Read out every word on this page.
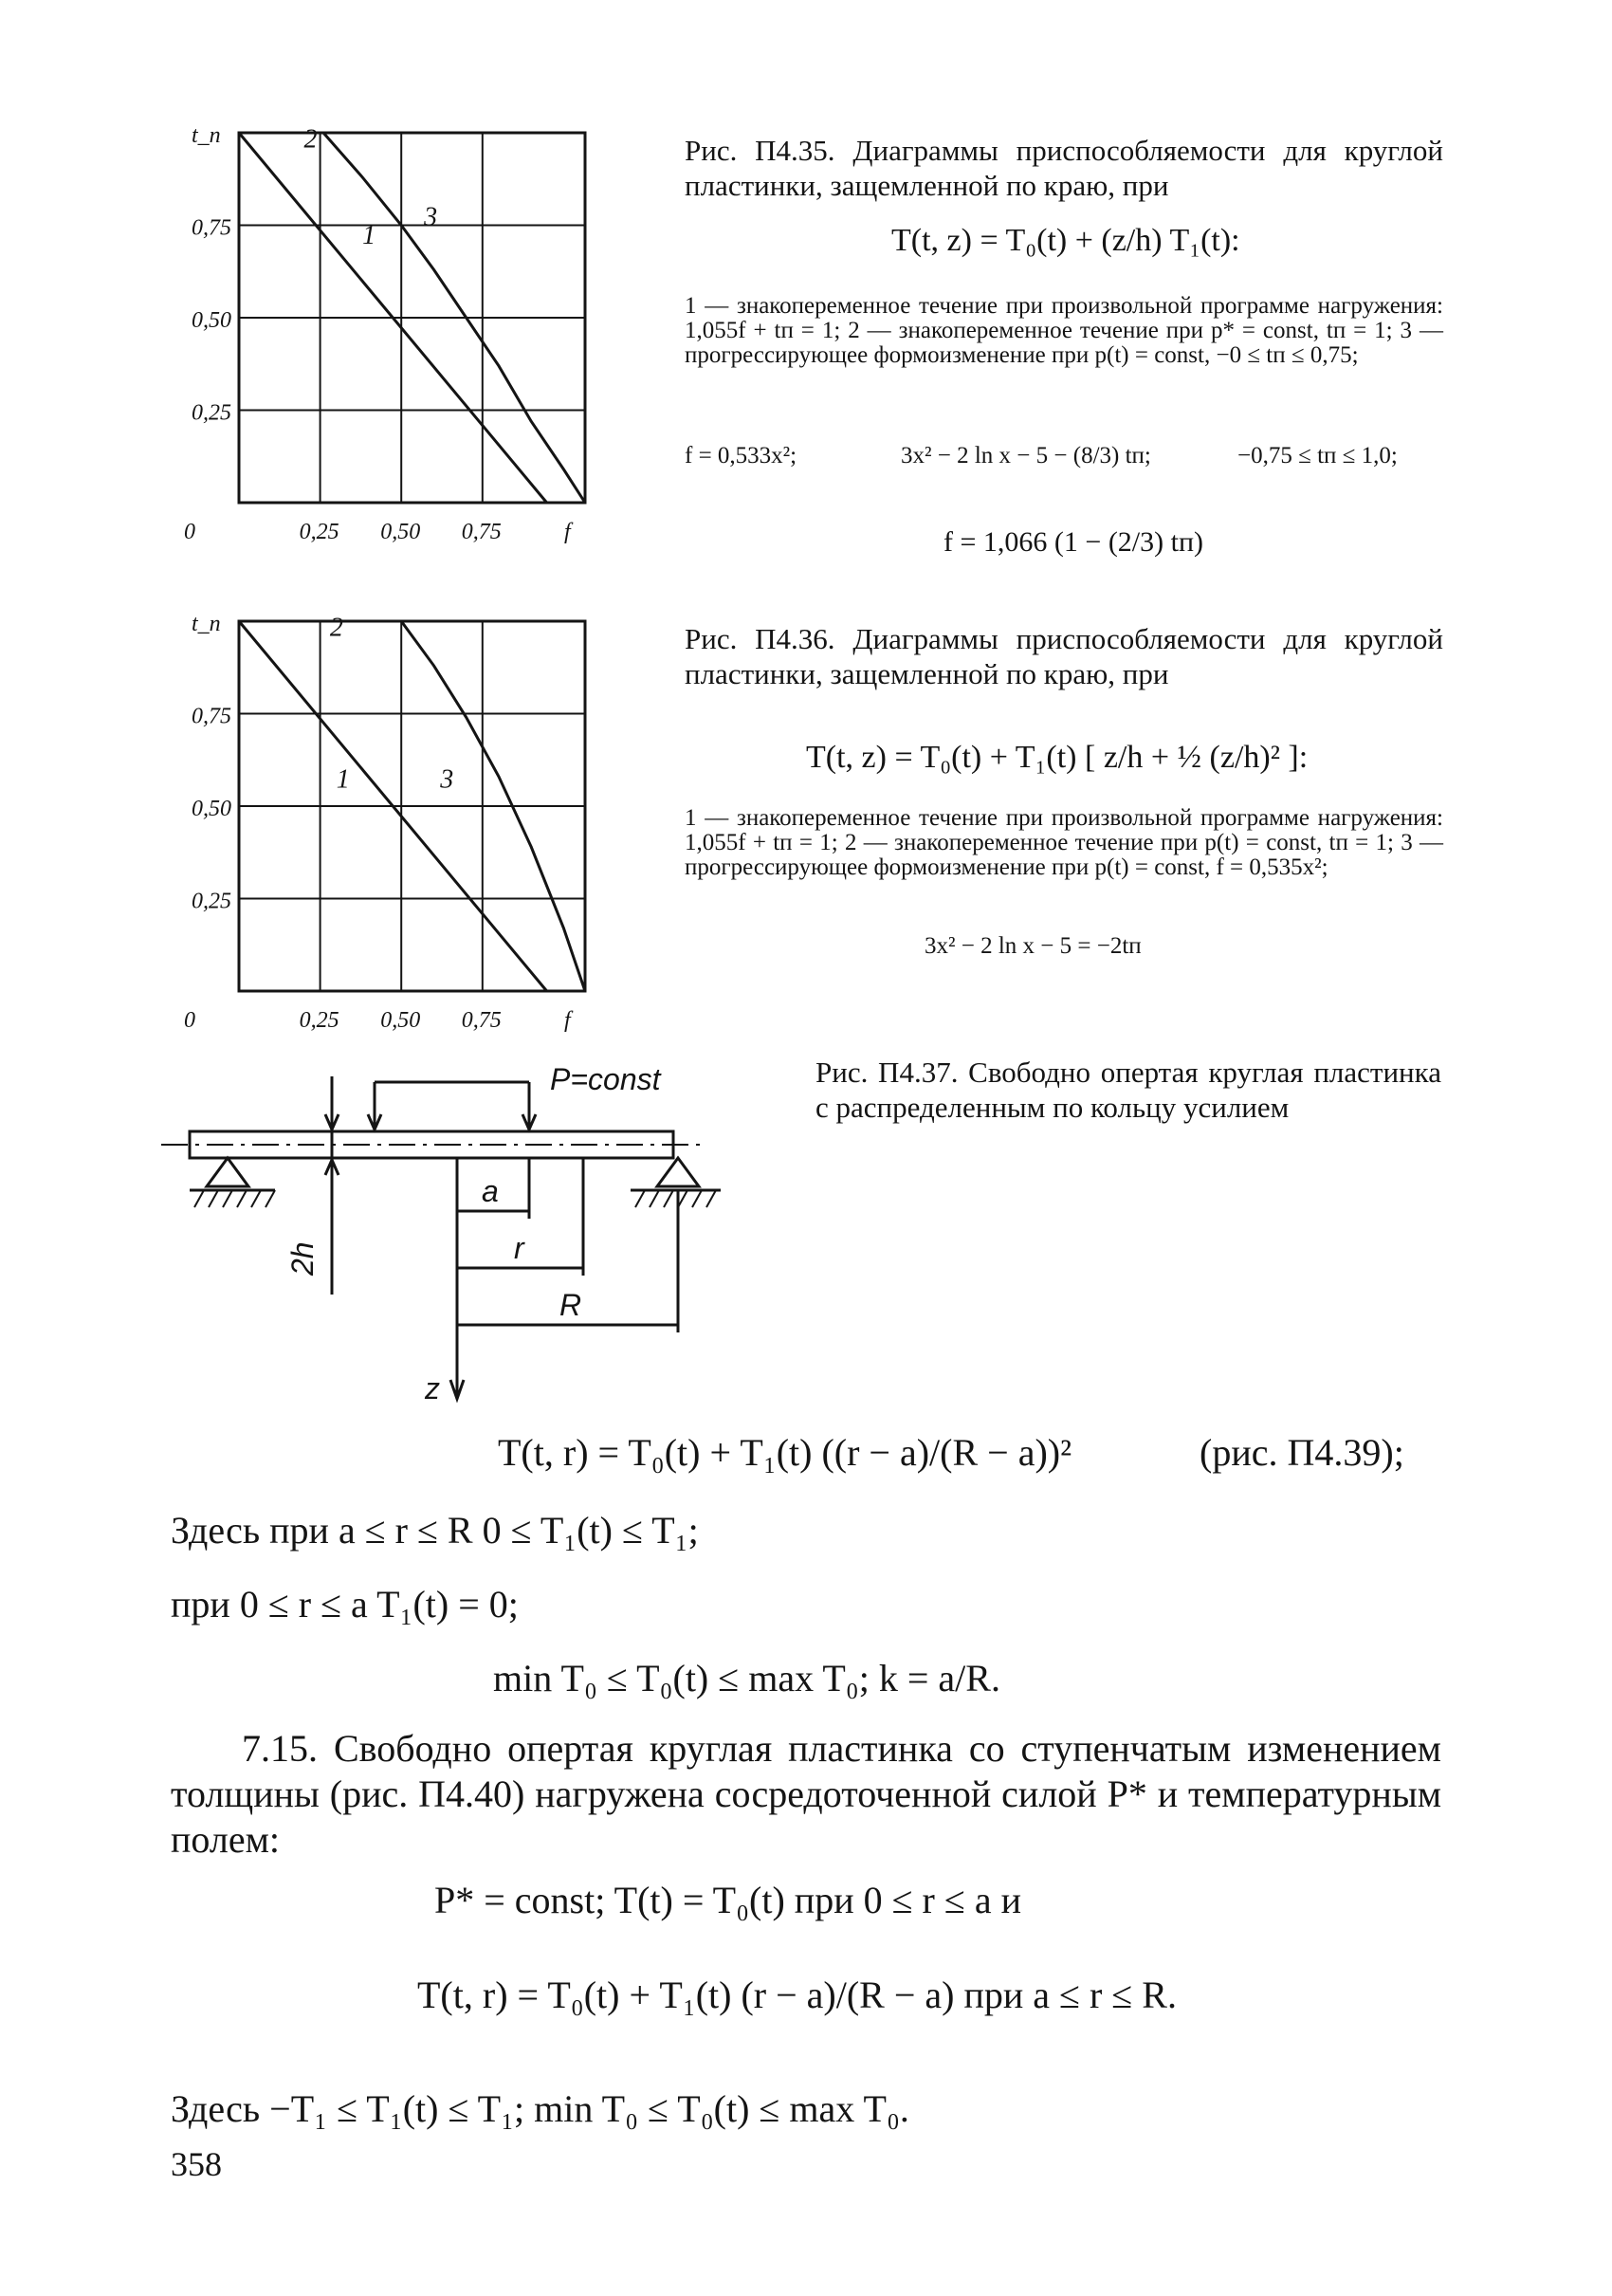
1
2
3
0	0,25 0,50 0,75	f
0,25
0,50
0,75
t_п
1
2
3
0	0,25 0,50 0,75	f
0,25
0,50
0,75
t_п
Рис. П4.35. Диаграммы приспособляемости для круглой пластинки, защемленной по краю, при
T(t, z) = T₀(t) + (z/h) T₁(t):
1 — знакопеременное течение при произвольной программе нагружения: 1,055f + tп = 1; 2 — знакопеременное течение при p* = const, tп = 1; 3 — прогрессирующее формоизменение при p(t) = const, −0 ≤ tп ≤ 0,75;
f = 0,533x²;	3x² − 2 ln x − 5 − (8/3) tп;	−0,75 ≤ tп ≤ 1,0;
f = 1,066 (1 − (2/3) tп)
Рис. П4.36. Диаграммы приспособляемости для круглой пластинки, защемленной по краю, при
T(t, z) = T₀(t) + T₁(t) [ z/h + ½ (z/h)² ]:
1 — знакопеременное течение при произвольной программе нагружения: 1,055f + tп = 1; 2 — знакопеременное течение при p(t) = const, tп = 1; 3 — прогрессирующее формоизменение при p(t) = const, f = 0,535x²;
3x² − 2 ln x − 5 = −2tп
P=const
a
r
R
2h
z
Рис. П4.37. Свободно опертая круглая пластинка с распределенным по кольцу усилием
T(t, r) = T₀(t) + T₁(t) ((r − a)/(R − a))²	(рис. П4.39);
Здесь при a ≤ r ≤ R 0 ≤ T₁(t) ≤ T₁;
при 0 ≤ r ≤ a T₁(t) = 0;
min T₀ ≤ T₀(t) ≤ max T₀; k = a/R.
7.15. Свободно опертая круглая пластинка со ступенчатым изменением толщины (рис. П4.40) нагружена сосредоточенной силой P* и температурным полем:
P* = const; T(t) = T₀(t) при 0 ≤ r ≤ a и
T(t, r) = T₀(t) + T₁(t) (r − a)/(R − a) при a ≤ r ≤ R.
Здесь −T₁ ≤ T₁(t) ≤ T₁; min T₀ ≤ T₀(t) ≤ max T₀.
358
